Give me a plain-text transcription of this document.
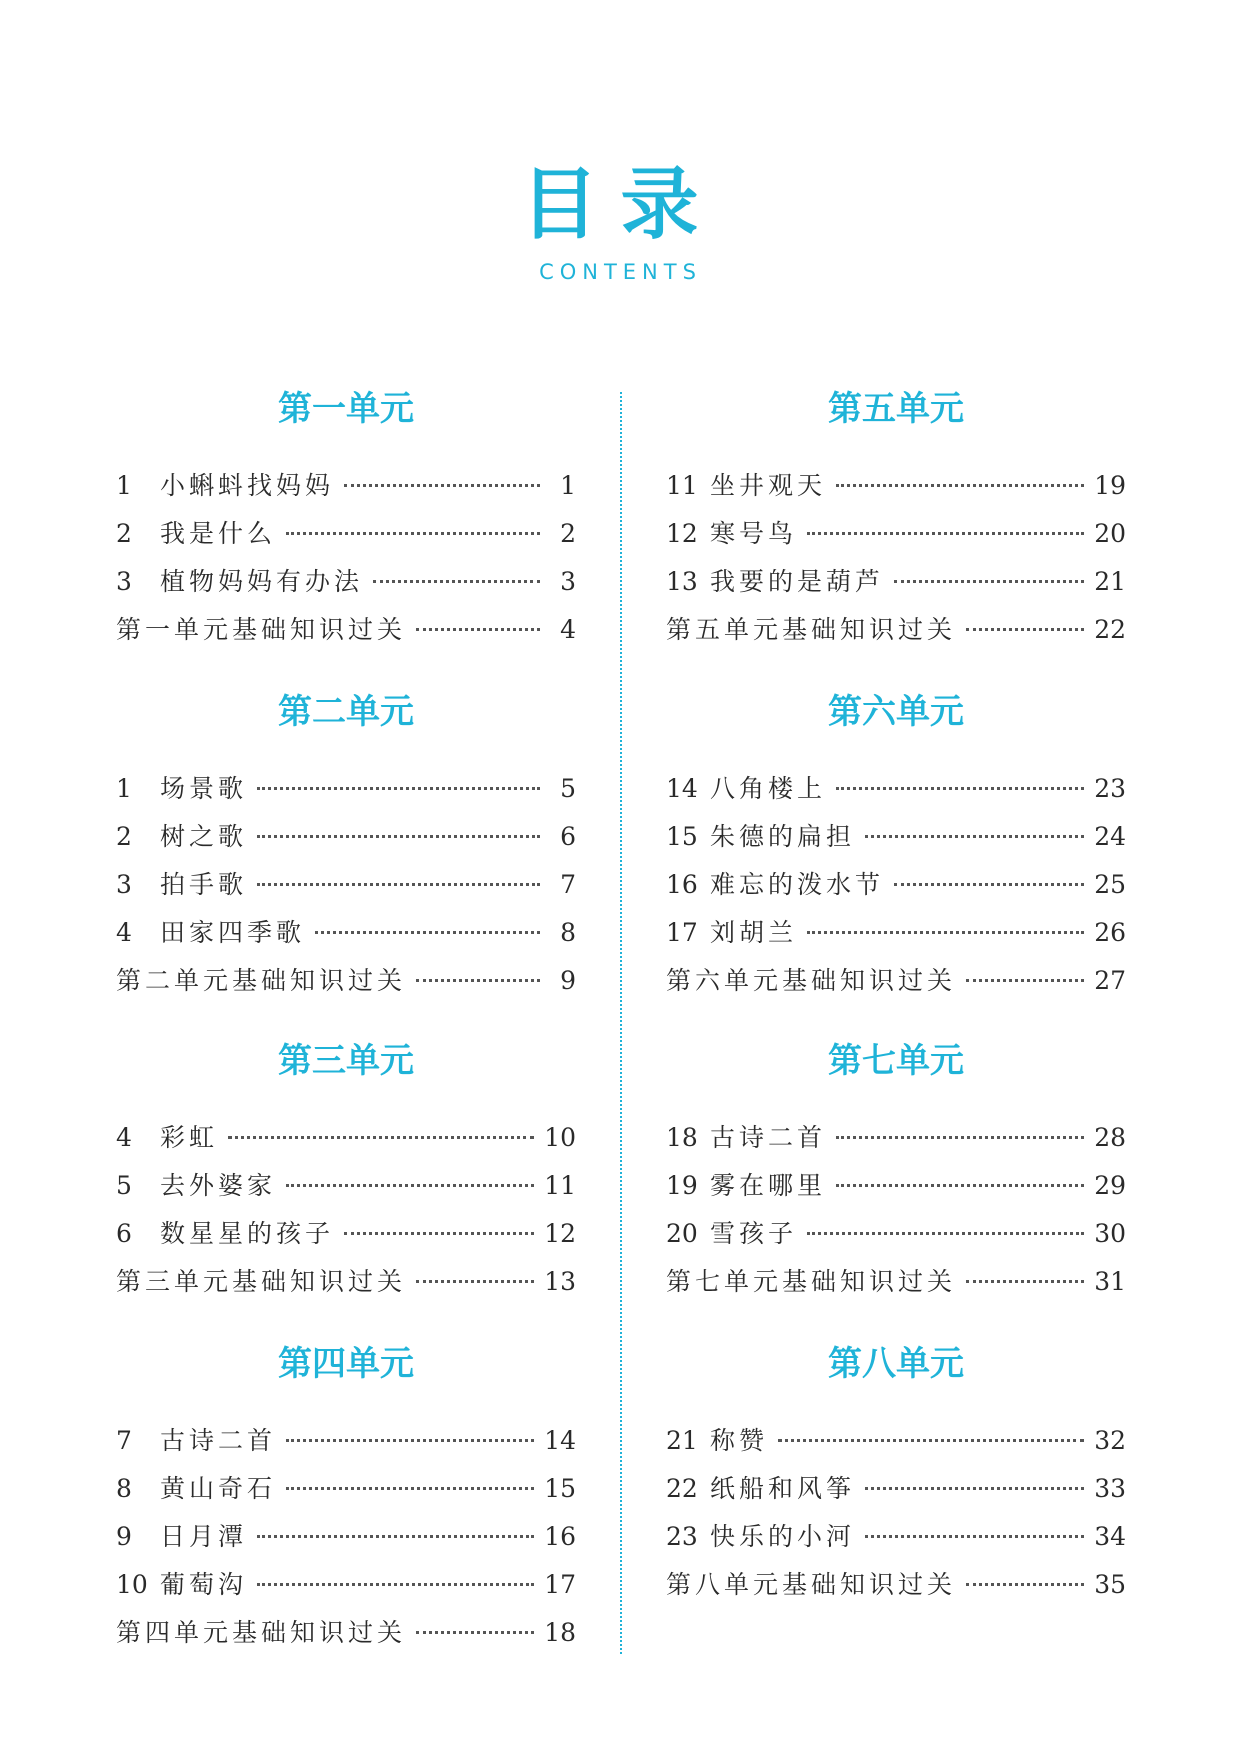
目录
CONTENTS
第一单元
1	小蝌蚪找妈妈	1
2	我是什么	2
3	植物妈妈有办法	3
第一单元基础知识过关	4
第二单元
1	场景歌	5
2	树之歌	6
3	拍手歌	7
4	田家四季歌	8
第二单元基础知识过关	9
第三单元
4	彩虹	10
5	去外婆家	11
6	数星星的孩子	12
第三单元基础知识过关	13
第四单元
7	古诗二首	14
8	黄山奇石	15
9	日月潭	16
10 葡萄沟	17
第四单元基础知识过关	18
第五单元
11 坐井观天	19
12 寒号鸟	20
13 我要的是葫芦	21
第五单元基础知识过关	22
第六单元
14 八角楼上	23
15 朱德的扁担	24
16 难忘的泼水节	25
17 刘胡兰	26
第六单元基础知识过关	27
第七单元
18 古诗二首	28
19 雾在哪里	29
20 雪孩子	30
第七单元基础知识过关	31
第八单元
21 称赞	32
22 纸船和风筝	33
23 快乐的小河	34
第八单元基础知识过关	35
